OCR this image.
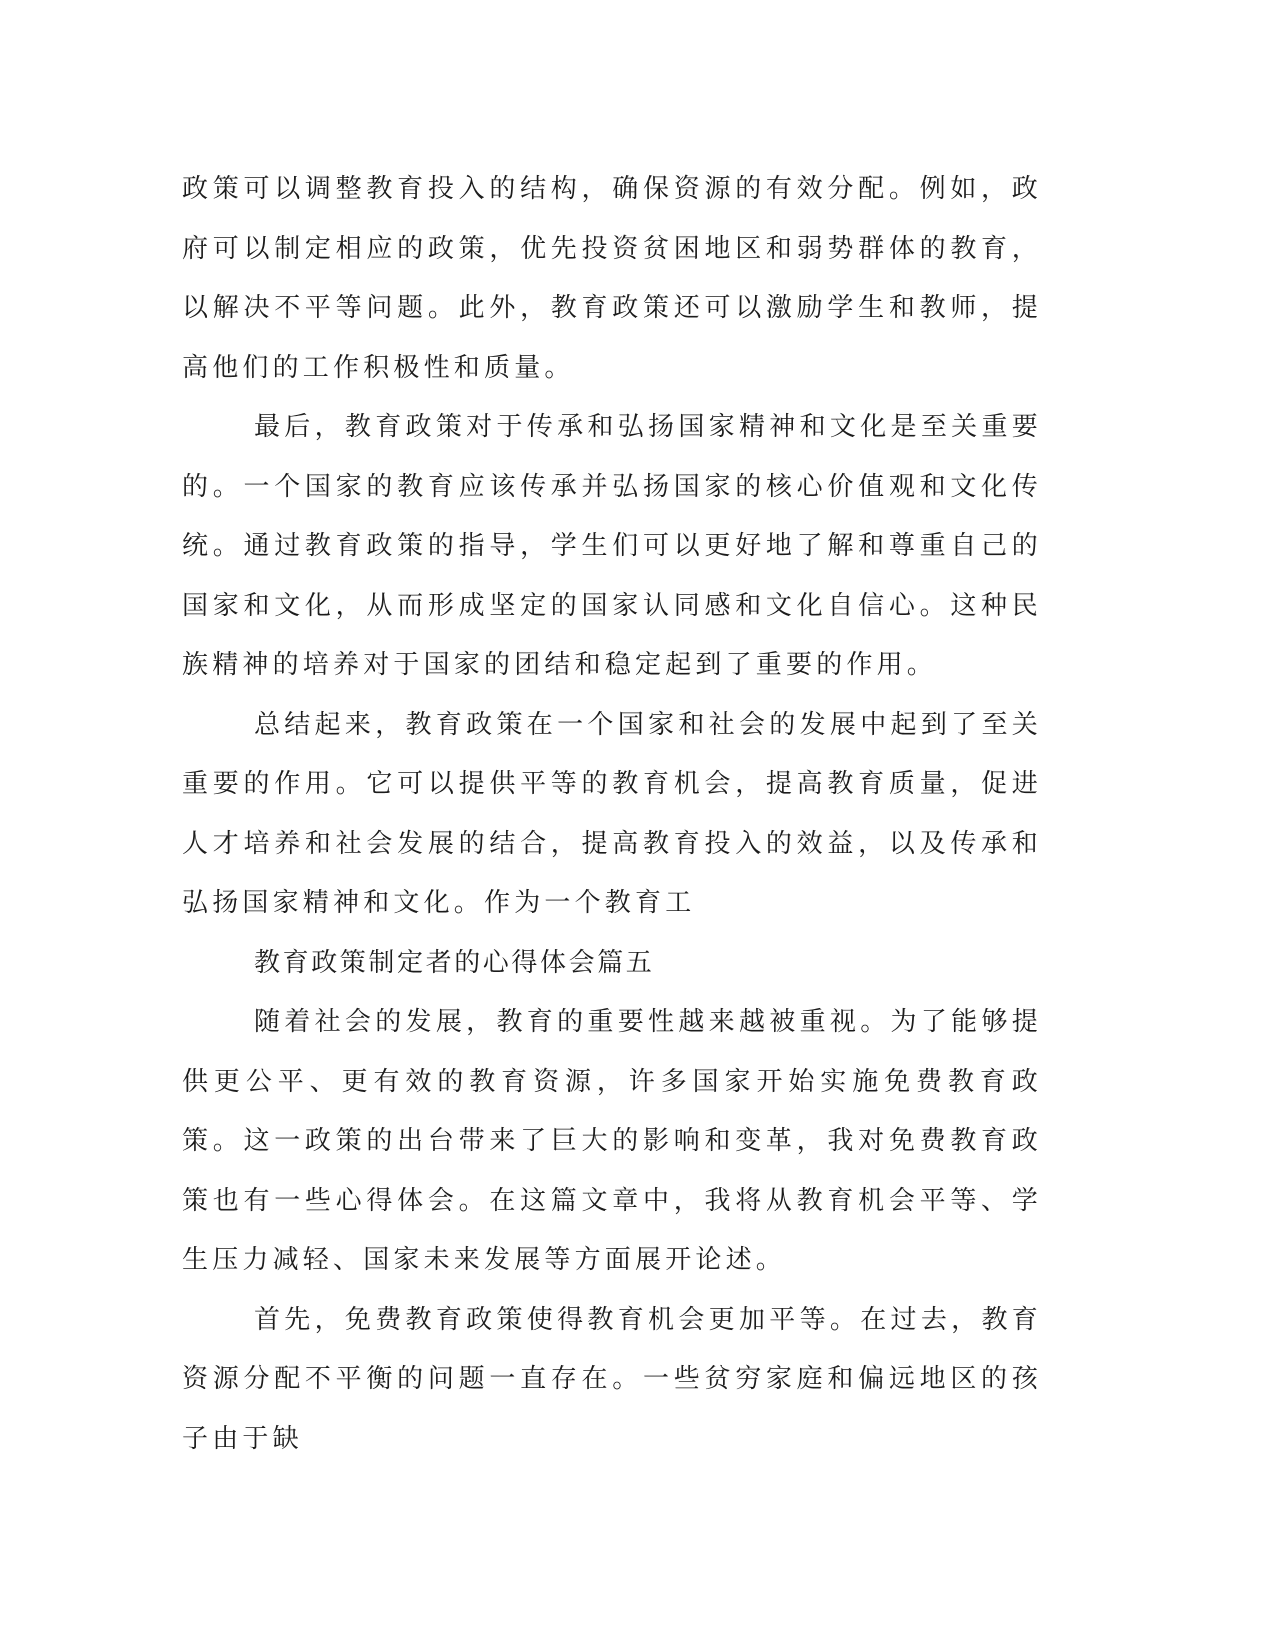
政策可以调整教育投入的结构，确保资源的有效分配。例如，政府可以制定相应的政策，优先投资贫困地区和弱势群体的教育，以解决不平等问题。此外，教育政策还可以激励学生和教师，提高他们的工作积极性和质量。

最后，教育政策对于传承和弘扬国家精神和文化是至关重要的。一个国家的教育应该传承并弘扬国家的核心价值观和文化传统。通过教育政策的指导，学生们可以更好地了解和尊重自己的国家和文化，从而形成坚定的国家认同感和文化自信心。这种民族精神的培养对于国家的团结和稳定起到了重要的作用。

总结起来，教育政策在一个国家和社会的发展中起到了至关重要的作用。它可以提供平等的教育机会，提高教育质量，促进人才培养和社会发展的结合，提高教育投入的效益，以及传承和弘扬国家精神和文化。作为一个教育工

教育政策制定者的心得体会篇五

随着社会的发展，教育的重要性越来越被重视。为了能够提供更公平、更有效的教育资源，许多国家开始实施免费教育政策。这一政策的出台带来了巨大的影响和变革，我对免费教育政策也有一些心得体会。在这篇文章中，我将从教育机会平等、学生压力减轻、国家未来发展等方面展开论述。

首先，免费教育政策使得教育机会更加平等。在过去，教育资源分配不平衡的问题一直存在。一些贫穷家庭和偏远地区的孩子由于缺
